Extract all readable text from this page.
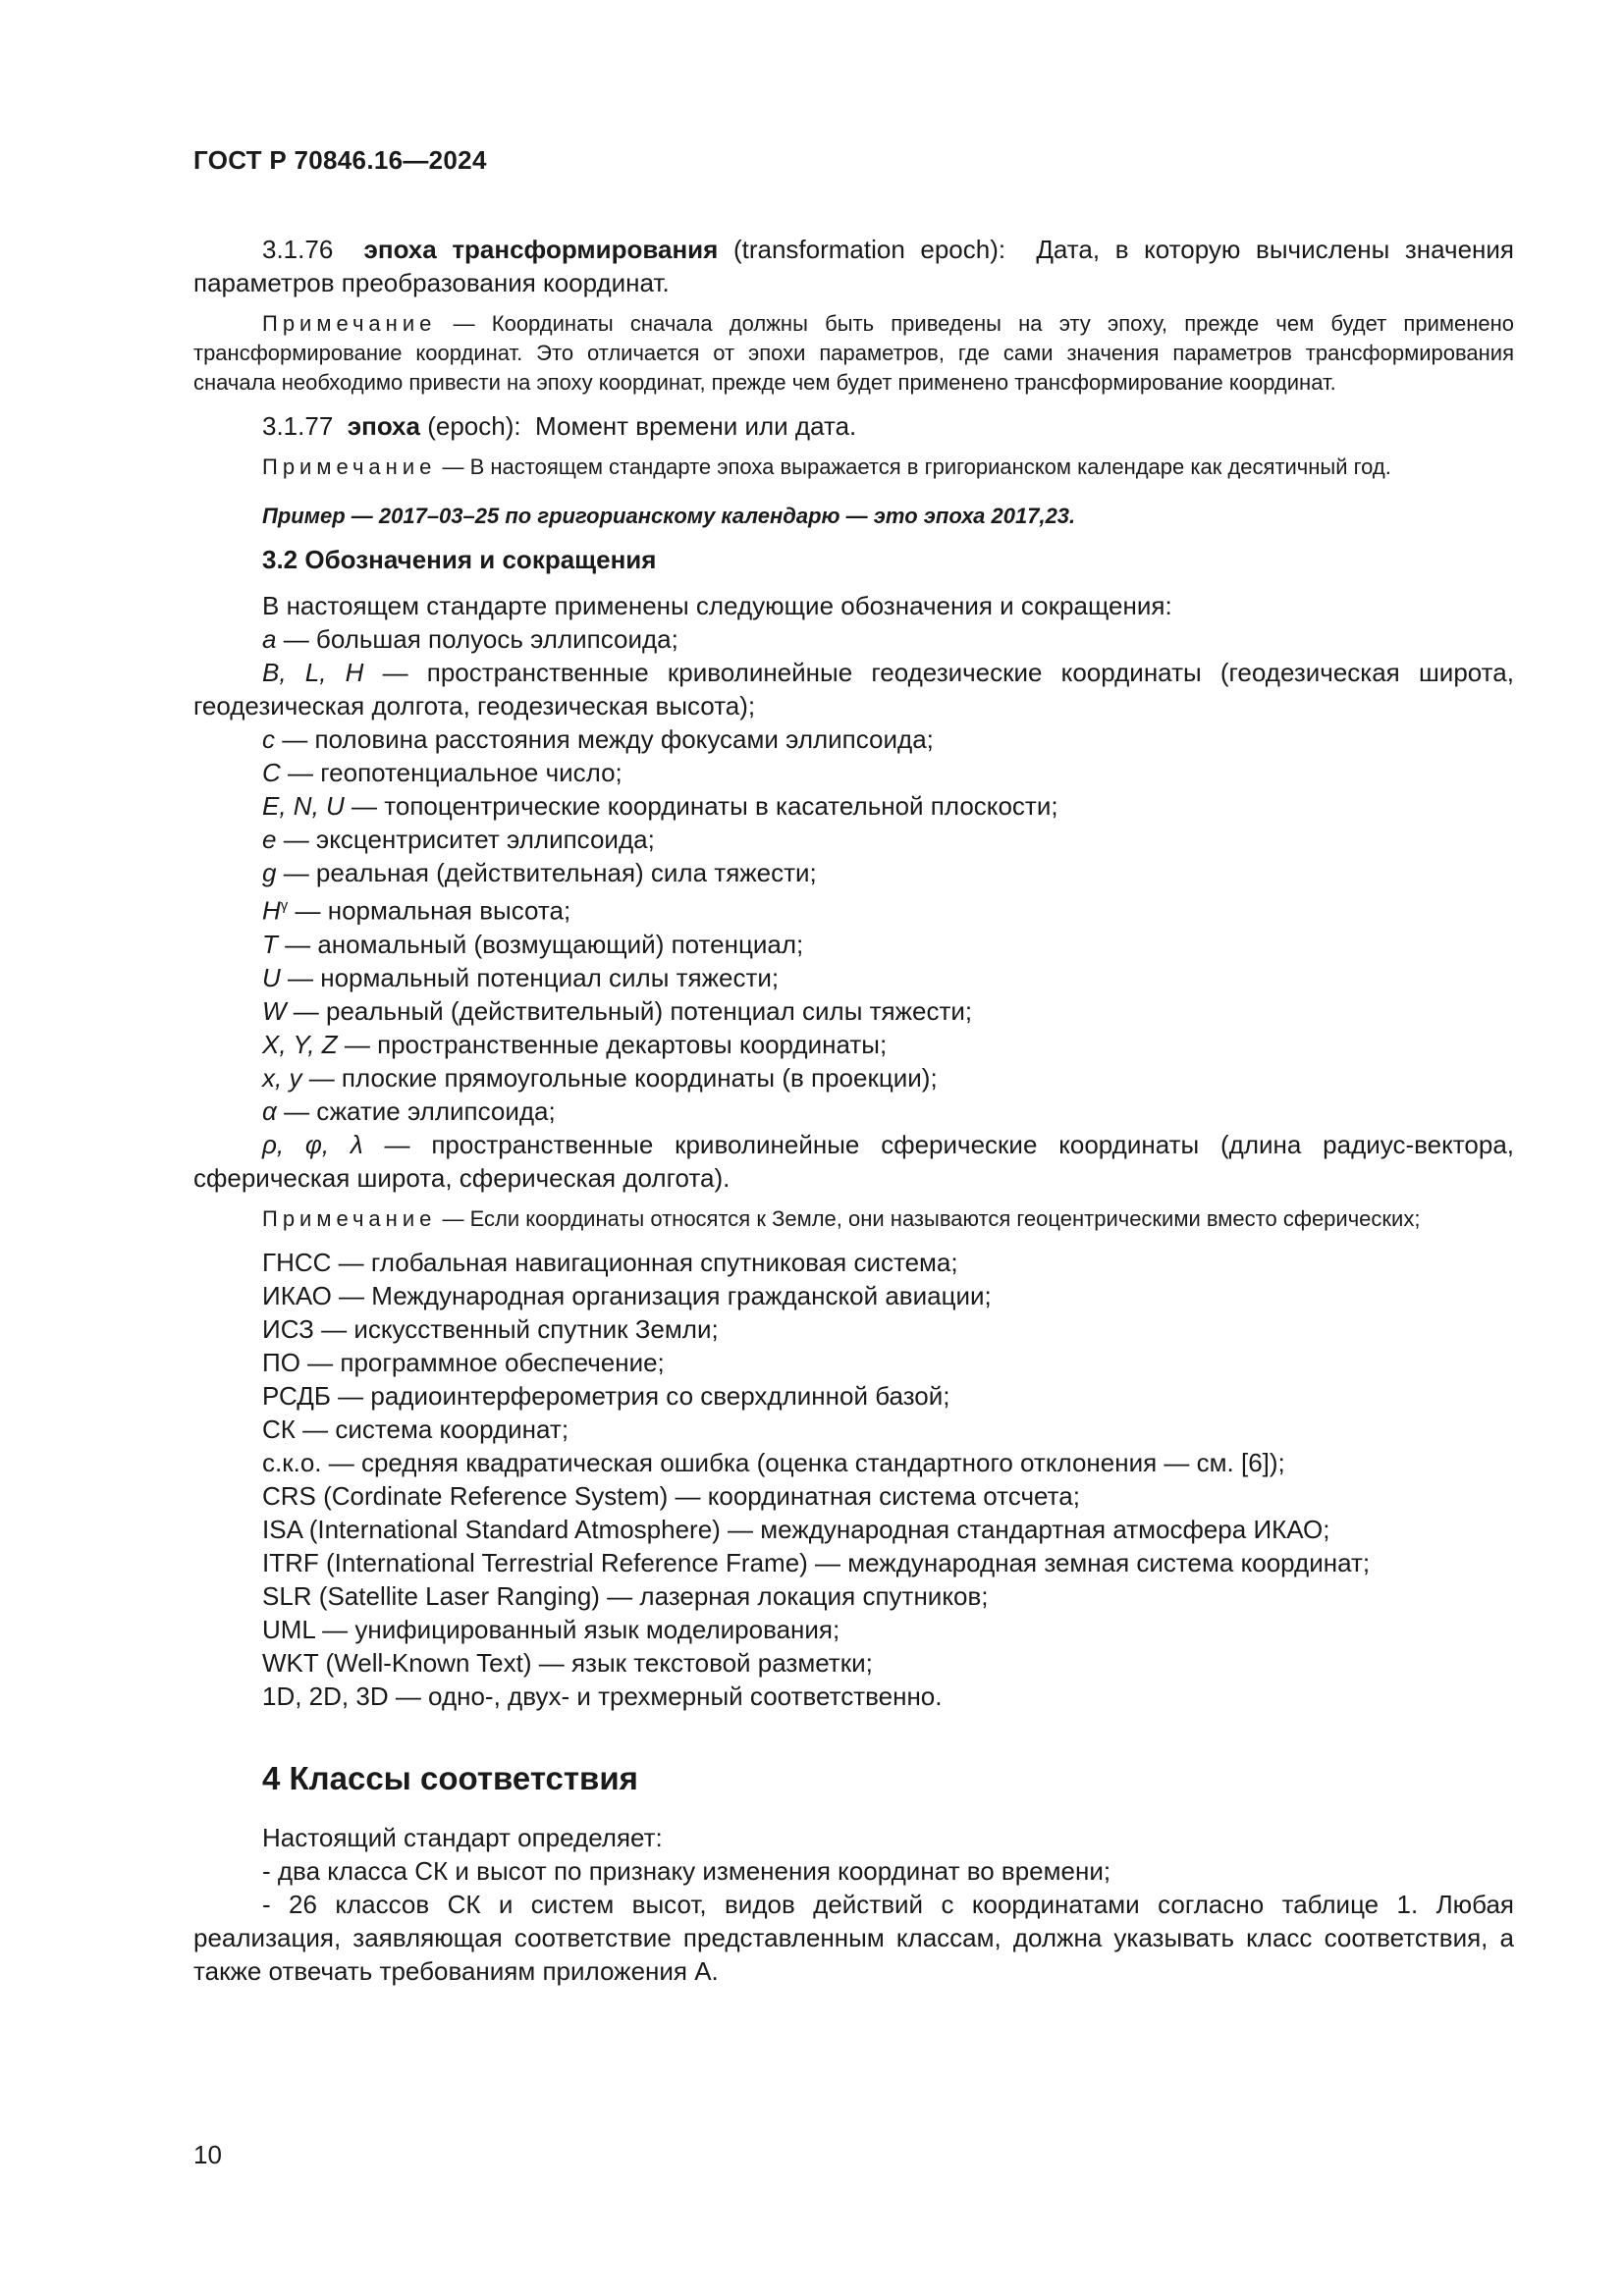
ГОСТ Р 70846.16—2024

3.1.76 эпоха трансформирования (transformation epoch): Дата, в которую вычислены значения параметров преобразования координат.

Примечание — Координаты сначала должны быть приведены на эту эпоху, прежде чем будет применено трансформирование координат. Это отличается от эпохи параметров, где сами значения параметров трансформирования сначала необходимо привести на эпоху координат, прежде чем будет применено трансформирование координат.

3.1.77 эпоха (epoch): Момент времени или дата.

Примечание — В настоящем стандарте эпоха выражается в григорианском календаре как десятичный год.

Пример — 2017–03–25 по григорианскому календарю — это эпоха 2017,23.

3.2 Обозначения и сокращения

В настоящем стандарте применены следующие обозначения и сокращения:

a — большая полуось эллипсоида;

B, L, H — пространственные криволинейные геодезические координаты (геодезическая широта, геодезическая долгота, геодезическая высота);

c — половина расстояния между фокусами эллипсоида;

C — геопотенциальное число;

E, N, U — топоцентрические координаты в касательной плоскости;

e — эксцентриситет эллипсоида;

g — реальная (действительная) сила тяжести;

$H^\gamma$ — нормальная высота;

T — аномальный (возмущающий) потенциал;

U — нормальный потенциал силы тяжести;

W — реальный (действительный) потенциал силы тяжести;

X, Y, Z — пространственные декартовы координаты;

x, y — плоские прямоугольные координаты (в проекции);

α — сжатие эллипсоида;

ρ, φ, λ — пространственные криволинейные сферические координаты (длина радиус-вектора, сферическая широта, сферическая долгота).

Примечание — Если координаты относятся к Земле, они называются геоцентрическими вместо сферических;

ГНСС — глобальная навигационная спутниковая система;

ИКАО — Международная организация гражданской авиации;

ИСЗ — искусственный спутник Земли;

ПО — программное обеспечение;

РСДБ — радиоинтерферометрия со сверхдлинной базой;

СК — система координат;

с.к.о. — средняя квадратическая ошибка (оценка стандартного отклонения — см. [6]);

CRS (Cordinate Reference System) — координатная система отсчета;

ISA (International Standard Atmosphere) — международная стандартная атмосфера ИКАО;

ITRF (International Terrestrial Reference Frame) — международная земная система координат;

SLR (Satellite Laser Ranging) — лазерная локация спутников;

UML — унифицированный язык моделирования;

WKT (Well-Known Text) — язык текстовой разметки;

1D, 2D, 3D — одно-, двух- и трехмерный соответственно.

4 Классы соответствия

Настоящий стандарт определяет:

- два класса СК и высот по признаку изменения координат во времени;

- 26 классов СК и систем высот, видов действий с координатами согласно таблице 1. Любая реализация, заявляющая соответствие представленным классам, должна указывать класс соответствия, а также отвечать требованиям приложения А.

10
